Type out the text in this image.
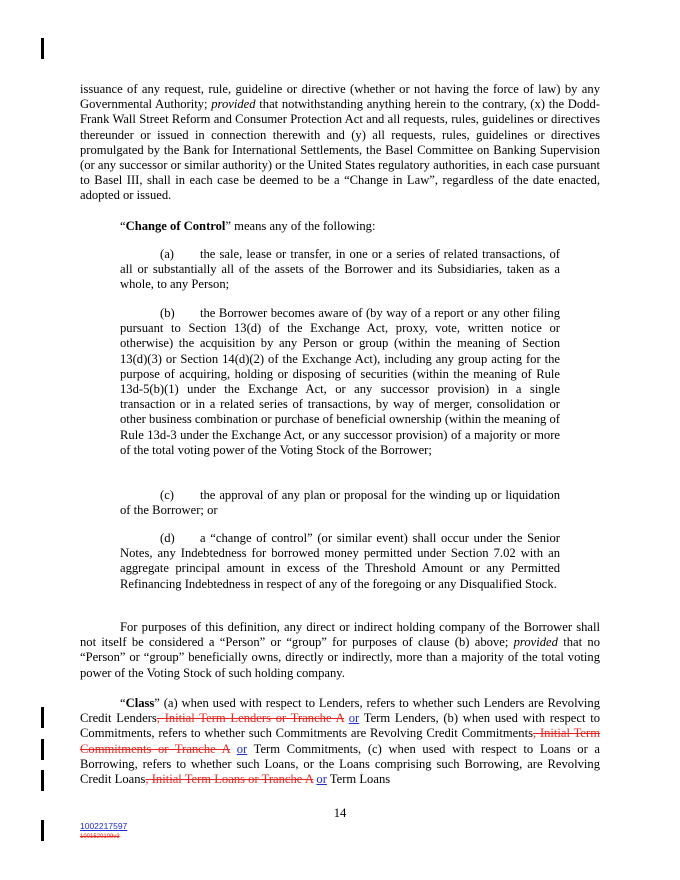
issuance of any request, rule, guideline or directive (whether or not having the force of law) by any Governmental Authority; provided that notwithstanding anything herein to the contrary, (x) the Dodd-Frank Wall Street Reform and Consumer Protection Act and all requests, rules, guidelines or directives thereunder or issued in connection therewith and (y) all requests, rules, guidelines or directives promulgated by the Bank for International Settlements, the Basel Committee on Banking Supervision (or any successor or similar authority) or the United States regulatory authorities, in each case pursuant to Basel III, shall in each case be deemed to be a “Change in Law”, regardless of the date enacted, adopted or issued.

“Change of Control” means any of the following:

(a) the sale, lease or transfer, in one or a series of related transactions, of all or substantially all of the assets of the Borrower and its Subsidiaries, taken as a whole, to any Person;

(b) the Borrower becomes aware of (by way of a report or any other filing pursuant to Section 13(d) of the Exchange Act, proxy, vote, written notice or otherwise) the acquisition by any Person or group (within the meaning of Section 13(d)(3) or Section 14(d)(2) of the Exchange Act), including any group acting for the purpose of acquiring, holding or disposing of securities (within the meaning of Rule 13d-5(b)(1) under the Exchange Act, or any successor provision) in a single transaction or in a related series of transactions, by way of merger, consolidation or other business combination or purchase of beneficial ownership (within the meaning of Rule 13d-3 under the Exchange Act, or any successor provision) of a majority or more of the total voting power of the Voting Stock of the Borrower;

(c) the approval of any plan or proposal for the winding up or liquidation of the Borrower; or

(d) a “change of control” (or similar event) shall occur under the Senior Notes, any Indebtedness for borrowed money permitted under Section 7.02 with an aggregate principal amount in excess of the Threshold Amount or any Permitted Refinancing Indebtedness in respect of any of the foregoing or any Disqualified Stock.

For purposes of this definition, any direct or indirect holding company of the Borrower shall not itself be considered a “Person” or “group” for purposes of clause (b) above; provided that no “Person” or “group” beneficially owns, directly or indirectly, more than a majority of the total voting power of the Voting Stock of such holding company.

“Class” (a) when used with respect to Lenders, refers to whether such Lenders are Revolving Credit Lenders, Initial Term Lenders or Tranche A or Term Lenders, (b) when used with respect to Commitments, refers to whether such Commitments are Revolving Credit Commitments, Initial Term Commitments or Tranche A or Term Commitments, (c) when used with respect to Loans or a Borrowing, refers to whether such Loans, or the Loans comprising such Borrowing, are Revolving Credit Loans, Initial Term Loans or Tranche A or Term Loans

14
1002217597
1001520109v3
